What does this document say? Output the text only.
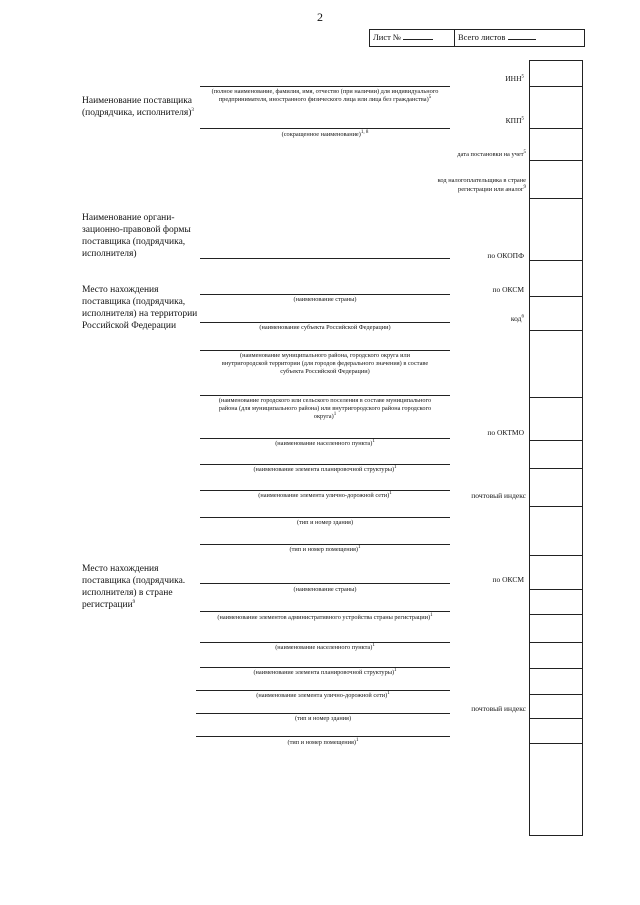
2
Лист №	Всего листов
Наименование поставщика (подрядчика, исполнителя)$^3$
Наименование органи-зационно-правовой формы поставщика (подрядчика, исполнителя)
Место нахождения поставщика (подрядчика, исполнителя) на территории Российской Федерации
Место нахождения поставщика (подрядчика. исполнителя) в стране регистрации$^9$
(полное наименование, фамилия, имя, отчество (при наличии) для индивидуального предпринимателя, иностранного физического лица или лица без гражданства)$^5$
(сокращенное наименование)$^{1, 8}$
(наименование страны)
(наименование субъекта Российской Федерации)
(наименование муниципального района, городского округа или внутригородской территории (для городов федерального значения) в составе субъекта Российской Федерации)
(наименование городского или сельского поселения в составе муниципального района (для муниципального района) или внутригородского района городского округа)$^1$
(наименование населенного пункта)$^1$
(наименование элемента планировочной структуры)$^1$
(наименование элемента улично-дорожной сети)$^1$
(тип и номер здания)
(тип и номер помещения)$^1$
(наименование страны)
(наименование элементов административного устройства страны регистрации)$^1$
(наименование населенного пункта)$^1$
(наименование элемента планировочной структуры)$^1$
(наименование элемента улично-дорожной сети)$^1$
(тип и номер здания)
(тип и номер помещения)$^1$
ИНН$^5$
КПП$^5$
дата постановки на учет$^5$
код налогоплательщика в стране
регистрации или аналог$^9$
по ОКОПФ
по ОКСМ
код$^6$
по ОКТМО
почтовый индекс
по ОКСМ
почтовый индекс
